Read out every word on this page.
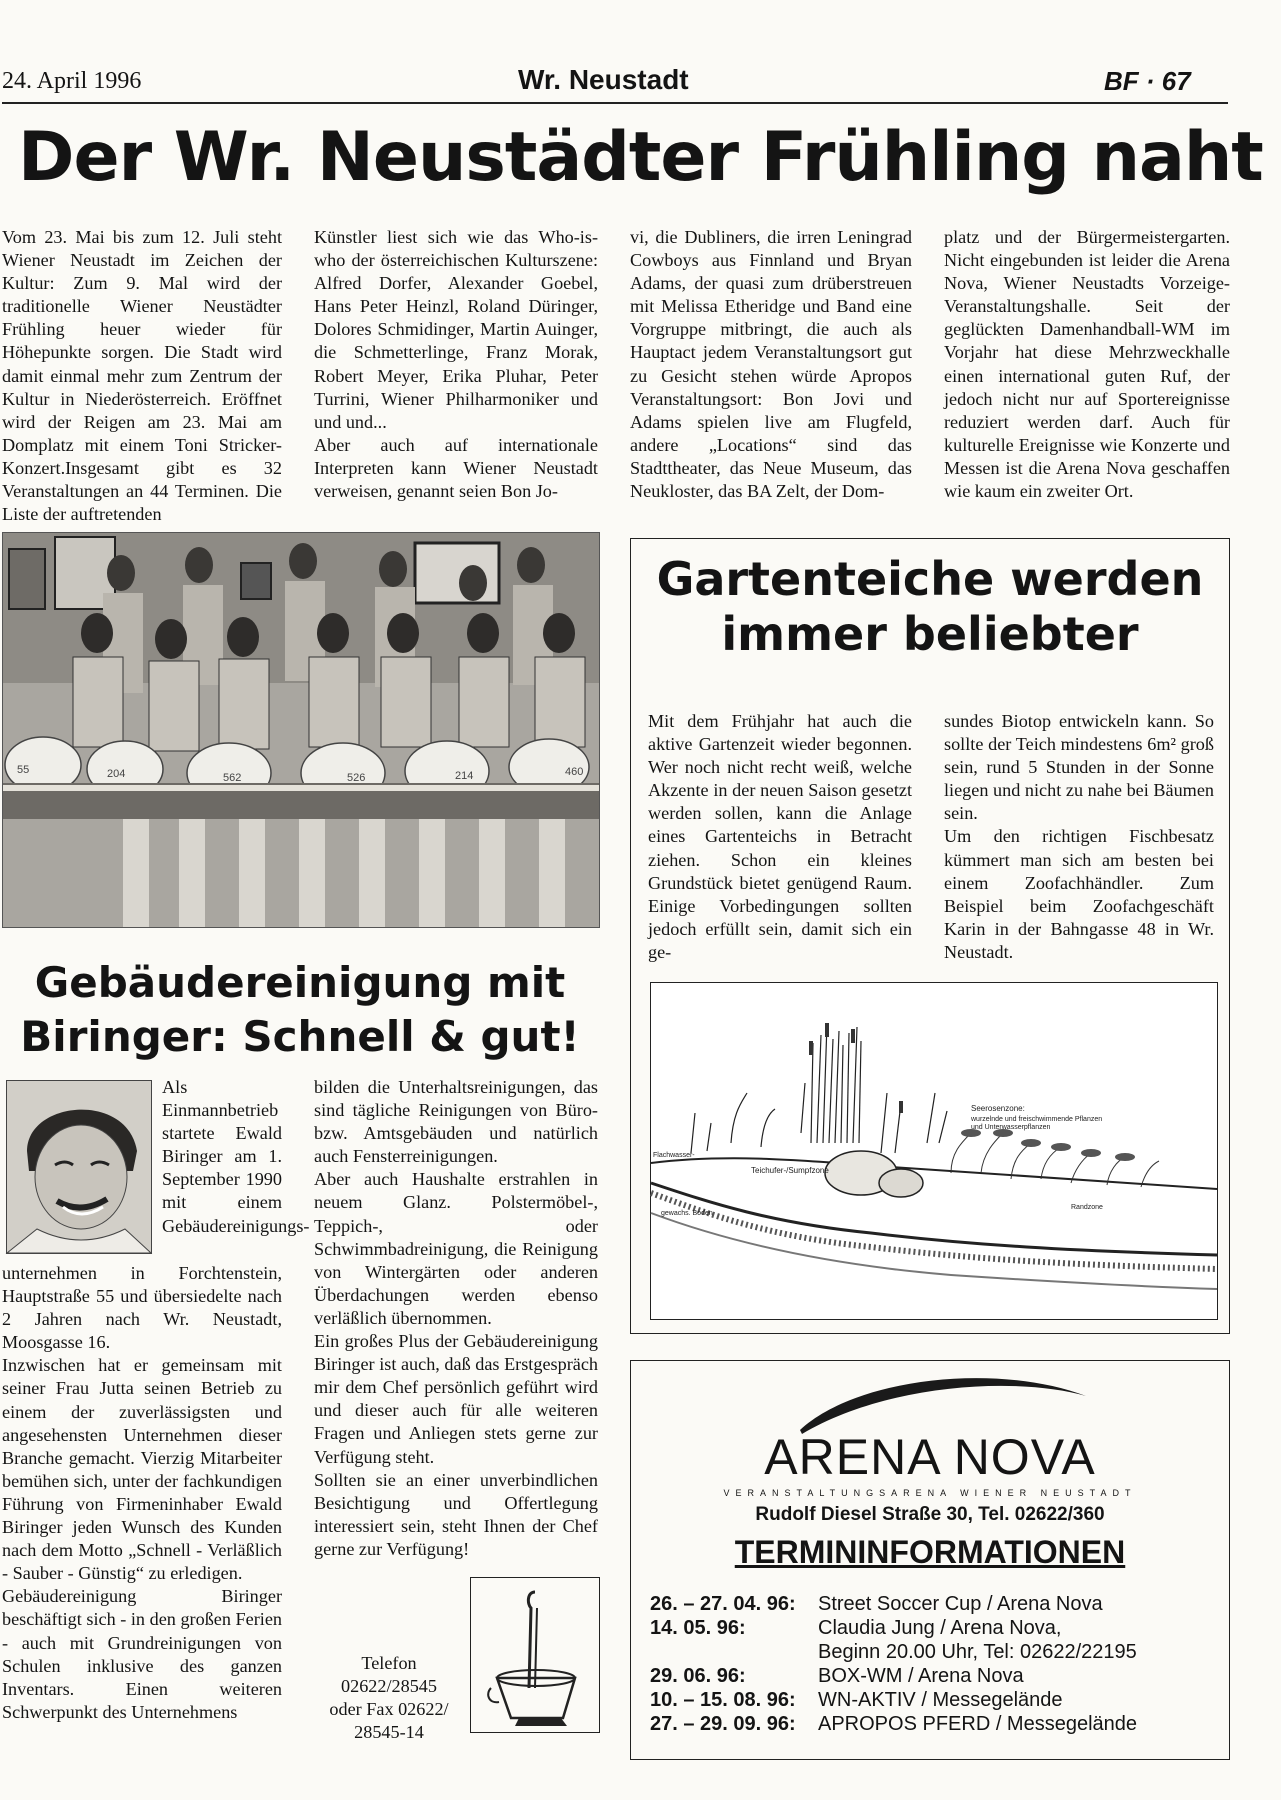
24. April 1996	Wr. Neustadt	BF · 67
Der Wr. Neustädter Frühling naht

Vom 23. Mai bis zum 12. Juli steht Wiener Neustadt im Zeichen der Kultur: Zum 9. Mal wird der traditionelle Wiener Neustädter Frühling heuer wieder für Höhepunkte sorgen. Die Stadt wird damit einmal mehr zum Zentrum der Kultur in Niederösterreich. Eröffnet wird der Reigen am 23. Mai am Domplatz mit einem Toni Stricker-Konzert.Insgesamt gibt es 32 Veranstaltungen an 44 Terminen. Die Liste der auftretenden

Künstler liest sich wie das Who-is-who der österreichischen Kulturszene: Alfred Dorfer, Alexander Goebel, Hans Peter Heinzl, Roland Düringer, Dolores Schmidinger, Martin Auinger, die Schmetterlinge, Franz Morak, Robert Meyer, Erika Pluhar, Peter Turrini, Wiener Philharmoniker und und und...

Aber auch auf internationale Interpreten kann Wiener Neustadt verweisen, genannt seien Bon Jo-

vi, die Dubliners, die irren Leningrad Cowboys aus Finnland und Bryan Adams, der quasi zum drüberstreuen mit Melissa Etheridge und Band eine Vorgruppe mitbringt, die auch als Hauptact jedem Veranstaltungsort gut zu Gesicht stehen würde Apropos Veranstaltungsort: Bon Jovi und Adams spielen live am Flugfeld, andere „Locations“ sind das Stadttheater, das Neue Museum, das Neukloster, das BA Zelt, der Dom-

platz und der Bürgermeistergarten. Nicht eingebunden ist leider die Arena Nova, Wiener Neustadts Vorzeige-Veranstaltungshalle. Seit der geglückten Damenhandball-WM im Vorjahr hat diese Mehrzweckhalle einen international guten Ruf, der jedoch nicht nur auf Sportereignisse reduziert werden darf. Auch für kulturelle Ereignisse wie Konzerte und Messen ist die Arena Nova geschaffen wie kaum ein zweiter Ort.

55	204	562	526	214	460
Gartenteiche werden
immer beliebter

Mit dem Frühjahr hat auch die aktive Gartenzeit wieder begonnen. Wer noch nicht recht weiß, welche Akzente in der neuen Saison gesetzt werden sollen, kann die Anlage eines Gartenteichs in Betracht ziehen. Schon ein kleines Grundstück bietet genügend Raum. Einige Vorbedingungen sollten jedoch erfüllt sein, damit sich ein ge-

sundes Biotop entwickeln kann. So sollte der Teich mindestens 6m² groß sein, rund 5 Stunden in der Sonne liegen und nicht zu nahe bei Bäumen sein.

Um den richtigen Fischbesatz kümmert man sich am besten bei einem Zoofachhändler. Zum Beispiel beim Zoofachgeschäft Karin in der Bahngasse 48 in Wr. Neustadt.

Seerosenzone:
wurzelnde und freischwimmende Pflanzen
und Unterwasserpflanzen
Teichufer-/Sumpfzone
Randzone
gewachs. Boden
Flachwasser-
Gebäudereinigung mit
Biringer: Schnell & gut!

Als Einmannbetrieb startete Ewald Biringer am 1. September 1990 mit einem Gebäudereinigungs-

unternehmen in Forchtenstein, Hauptstraße 55 und übersiedelte nach 2 Jahren nach Wr. Neustadt, Moosgasse 16.

Inzwischen hat er gemeinsam mit seiner Frau Jutta seinen Betrieb zu einem der zuverlässigsten und angesehensten Unternehmen dieser Branche gemacht. Vierzig Mitarbeiter bemühen sich, unter der fachkundigen Führung von Firmeninhaber Ewald Biringer jeden Wunsch des Kunden nach dem Motto „Schnell - Verläßlich - Sauber - Günstig“ zu erledigen.

Gebäudereinigung Biringer beschäftigt sich - in den großen Ferien - auch mit Grundreinigungen von Schulen inklusive des ganzen Inventars. Einen weiteren Schwerpunkt des Unternehmens

bilden die Unterhaltsreinigungen, das sind tägliche Reinigungen von Büro- bzw. Amtsgebäuden und natürlich auch Fensterreinigungen.

Aber auch Haushalte erstrahlen in neuem Glanz. Polstermöbel-, Teppich-, oder Schwimmbadreinigung, die Reinigung von Wintergärten oder anderen Überdachungen werden ebenso verläßlich übernommen.

Ein großes Plus der Gebäudereinigung Biringer ist auch, daß das Erstgespräch mir dem Chef persönlich geführt wird und dieser auch für alle weiteren Fragen und Anliegen stets gerne zur Verfügung steht.

Sollten sie an einer unverbindlichen Besichtigung und Offertlegung interessiert sein, steht Ihnen der Chef gerne zur Verfügung!

Telefon
02622/28545
oder Fax 02622/
28545-14
ARENA NOVA
VERANSTALTUNGSARENA WIENER NEUSTADT
Rudolf Diesel Straße 30, Tel. 02622/360
TERMININFORMATIONEN
26. – 27. 04. 96: Street Soccer Cup / Arena Nova
14. 05. 96:	Claudia Jung / Arena Nova,
Beginn 20.00 Uhr, Tel: 02622/22195
29. 06. 96:	BOX-WM / Arena Nova
10. – 15. 08. 96: WN-AKTIV / Messegelände
27. – 29. 09. 96: APROPOS PFERD / Messegelände
